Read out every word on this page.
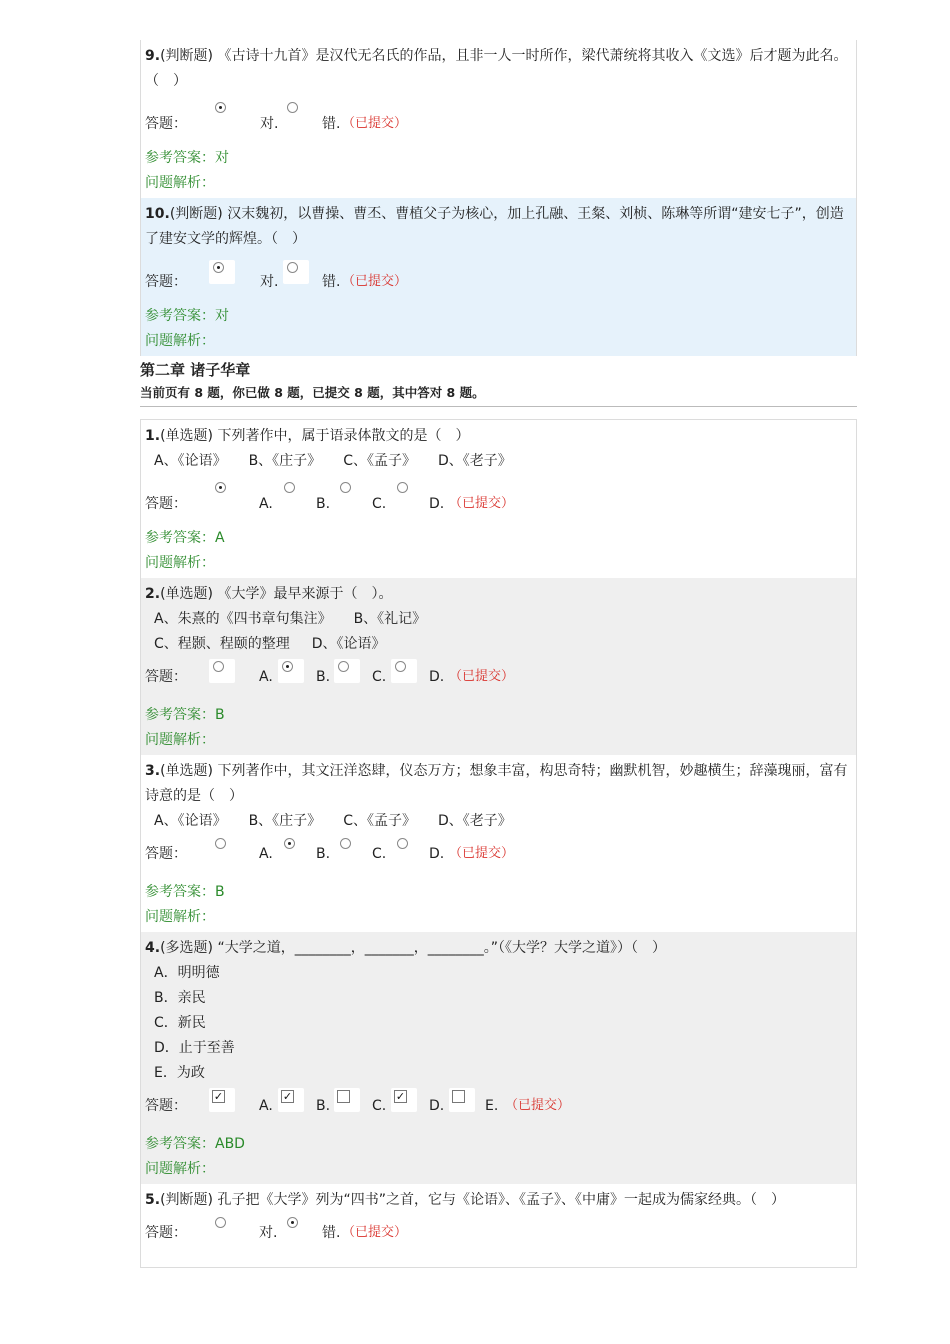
9.(判断题) 《古诗十九首》是汉代无名氏的作品，且非一人一时所作，梁代萧统将其收入《文选》后才题为此名。（　）
答题：	对.	错. （已提交）
参考答案：对
问题解析：
10.(判断题) 汉末魏初，以曹操、曹丕、曹植父子为核心，加上孔融、王粲、刘桢、陈琳等所谓“建安七子”，创造了建安文学的辉煌。（　）
答题：	对.	错. （已提交）
参考答案：对
问题解析：
第二章 诸子华章
当前页有 8 题，你已做 8 题，已提交 8 题，其中答对 8 题。
1.(单选题) 下列著作中，属于语录体散文的是（　）
A、《论语》 B、《庄子》 C、《孟子》 D、《老子》
答题：	A.	B.	C.	D. （已提交）
参考答案：A
问题解析：
2.(单选题) 《大学》最早来源于（　）。
A、朱熹的《四书章句集注》 B、《礼记》
C、程颢、程颐的整理 D、《论语》
答题：	A.	B.	C.	D. （已提交）
参考答案：B
问题解析：
3.(单选题) 下列著作中，其文汪洋恣肆，仪态万方；想象丰富，构思奇特；幽默机智，妙趣横生；辞藻瑰丽，富有诗意的是（　）
A、《论语》 B、《庄子》 C、《孟子》 D、《老子》
答题：	A.	B.	C.	D. （已提交）
参考答案：B
问题解析：
4.(多选题) “大学之道，________，_______，________。”（《大学？大学之道》）（　）
A．明明德
B．亲民
C．新民
D．止于至善
E．为政
答题：
✓
A.
✓
B.	C.
✓
D.	E. （已提交）
参考答案：ABD
问题解析：
5.(判断题) 孔子把《大学》列为“四书”之首，它与《论语》、《孟子》、《中庸》一起成为儒家经典。（　）
答题：	对.	错. （已提交）
